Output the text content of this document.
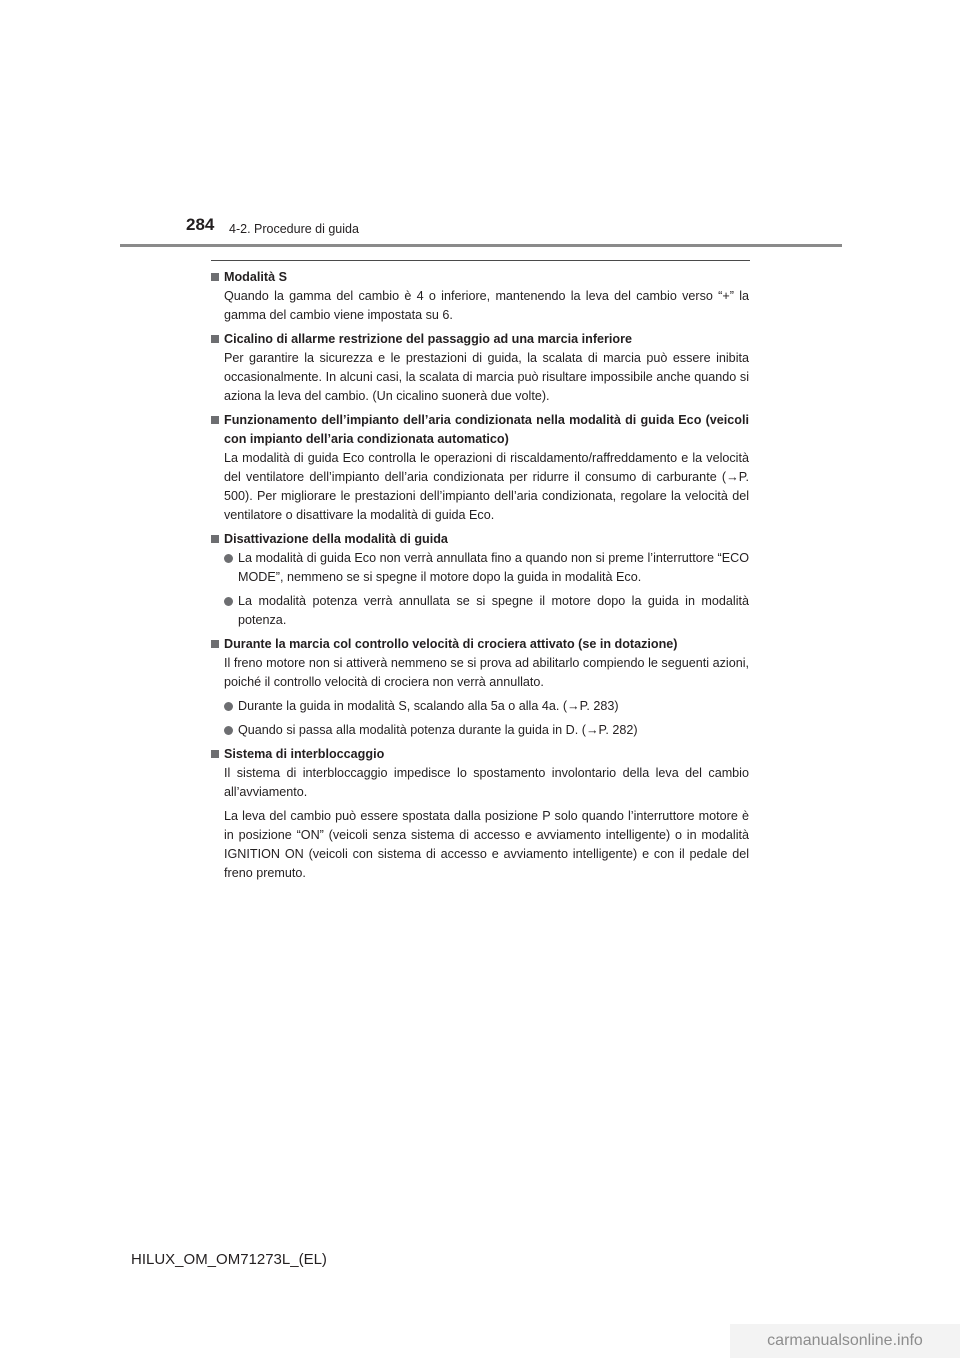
284 4-2. Procedure di guida

Modalità S

Quando la gamma del cambio è 4 o inferiore, mantenendo la leva del cambio verso “+” la gamma del cambio viene impostata su 6.

Cicalino di allarme restrizione del passaggio ad una marcia inferiore

Per garantire la sicurezza e le prestazioni di guida, la scalata di marcia può essere inibita occasionalmente. In alcuni casi, la scalata di marcia può risultare impossibile anche quando si aziona la leva del cambio. (Un cicalino suonerà due volte).

Funzionamento dell’impianto dell’aria condizionata nella modalità di guida Eco (veicoli con impianto dell’aria condizionata automatico)

La modalità di guida Eco controlla le operazioni di riscaldamento/raffreddamento e la velocità del ventilatore dell’impianto dell’aria condizionata per ridurre il consumo di carburante (→P. 500). Per migliorare le prestazioni dell’impianto dell’aria condizionata, regolare la velocità del ventilatore o disattivare la modalità di guida Eco.

Disattivazione della modalità di guida

La modalità di guida Eco non verrà annullata fino a quando non si preme l’interruttore “ECO MODE”, nemmeno se si spegne il motore dopo la guida in modalità Eco.

La modalità potenza verrà annullata se si spegne il motore dopo la guida in modalità potenza.

Durante la marcia col controllo velocità di crociera attivato (se in dotazione)

Il freno motore non si attiverà nemmeno se si prova ad abilitarlo compiendo le seguenti azioni, poiché il controllo velocità di crociera non verrà annullato.

Durante la guida in modalità S, scalando alla 5a o alla 4a. (→P. 283)

Quando si passa alla modalità potenza durante la guida in D. (→P. 282)

Sistema di interbloccaggio

Il sistema di interbloccaggio impedisce lo spostamento involontario della leva del cambio all’avviamento.

La leva del cambio può essere spostata dalla posizione P solo quando l’interruttore motore è in posizione “ON” (veicoli senza sistema di accesso e avviamento intelligente) o in modalità IGNITION ON (veicoli con sistema di accesso e avviamento intelligente) e con il pedale del freno premuto.

HILUX_OM_OM71273L_(EL)
carmanualsonline.info
